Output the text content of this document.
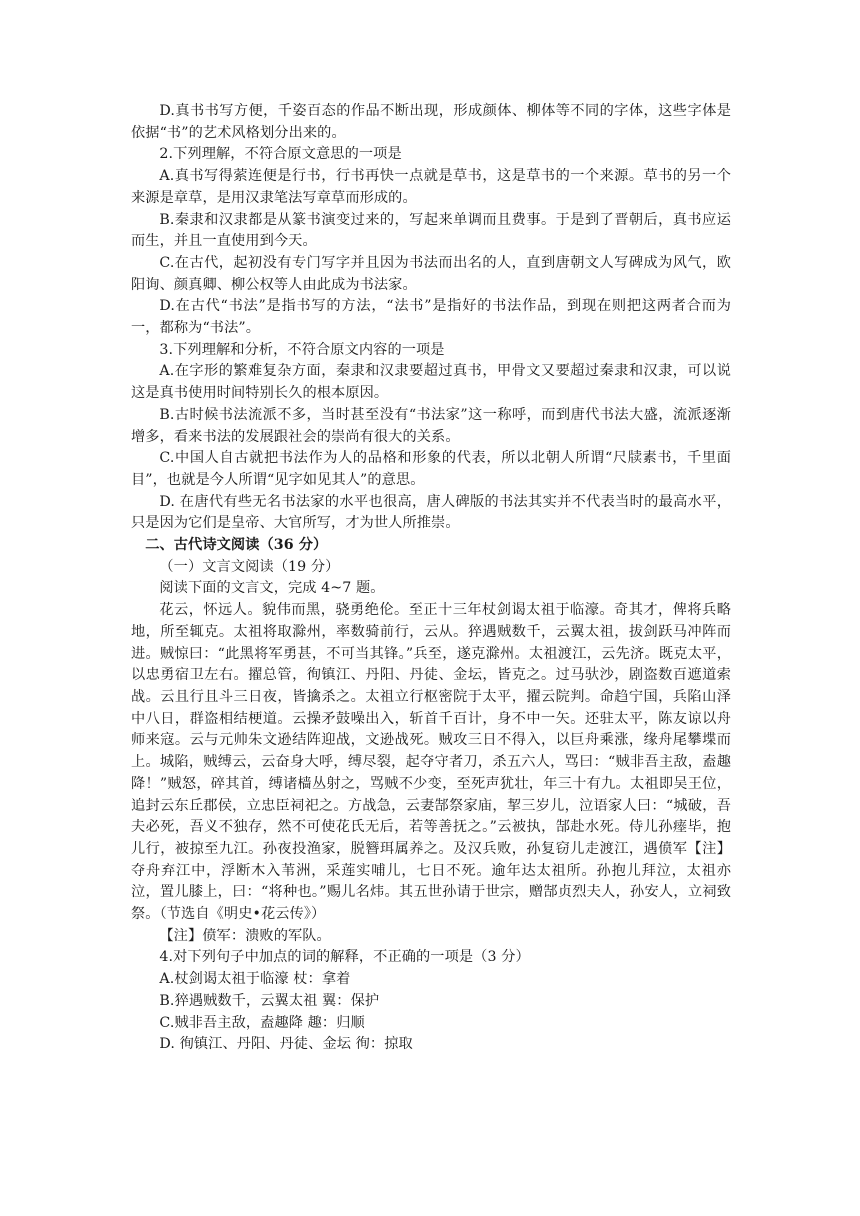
D.真书书写方便，千姿百态的作品不断出现，形成颜体、柳体等不同的字体，这些字体是依据“书”的艺术风格划分出来的。

2.下列理解，不符合原文意思的一项是

A.真书写得萦连便是行书，行书再快一点就是草书，这是草书的一个来源。草书的另一个来源是章草，是用汉隶笔法写章草而形成的。

B.秦隶和汉隶都是从篆书演变过来的，写起来单调而且费事。于是到了晋朝后，真书应运而生，并且一直使用到今天。

C.在古代，起初没有专门写字并且因为书法而出名的人，直到唐朝文人写碑成为风气，欧阳询、颜真卿、柳公权等人由此成为书法家。

D.在古代“书法”是指书写的方法，“法书”是指好的书法作品，到现在则把这两者合而为一，都称为“书法”。

3.下列理解和分析，不符合原文内容的一项是

A.在字形的繁难复杂方面，秦隶和汉隶要超过真书，甲骨文又要超过秦隶和汉隶，可以说这是真书使用时间特别长久的根本原因。

B.古时候书法流派不多，当时甚至没有“书法家”这一称呼，而到唐代书法大盛，流派逐渐增多，看来书法的发展跟社会的崇尚有很大的关系。

C.中国人自古就把书法作为人的品格和形象的代表，所以北朝人所谓“尺牍素书，千里面目”，也就是今人所谓“见字如见其人”的意思。

D. 在唐代有些无名书法家的水平也很高，唐人碑版的书法其实并不代表当时的最高水平，只是因为它们是皇帝、大官所写，才为世人所推崇。

二、古代诗文阅读（36 分）

（一）文言文阅读（19 分）

阅读下面的文言文，完成 4~7 题。

花云，怀远人。貌伟而黑，骁勇绝伦。至正十三年杖剑谒太祖于临濠。奇其才，俾将兵略地，所至辄克。太祖将取滁州，率数骑前行，云从。猝遇贼数千，云翼太祖，拔剑跃马冲阵而进。贼惊曰：“此黑将军勇甚，不可当其锋。”兵至，遂克滁州。太祖渡江，云先济。既克太平，以忠勇宿卫左右。擢总管，徇镇江、丹阳、丹徒、金坛，皆克之。过马驮沙，剧盗数百遮道索战。云且行且斗三日夜，皆擒杀之。太祖立行枢密院于太平，擢云院判。命趋宁国，兵陷山泽中八日，群盗相结梗道。云操矛鼓噪出入，斩首千百计，身不中一矢。还驻太平，陈友谅以舟师来寇。云与元帅朱文逊结阵迎战，文逊战死。贼攻三日不得入，以巨舟乘涨，缘舟尾攀堞而上。城陷，贼缚云，云奋身大呼，缚尽裂，起夺守者刀，杀五六人，骂曰：“贼非吾主敌，盍趣降！”贼怒，碎其首，缚诸樯丛射之，骂贼不少变，至死声犹壮，年三十有九。太祖即吴王位，追封云东丘郡侯，立忠臣祠祀之。方战急，云妻郜祭家庙，挈三岁儿，泣语家人曰：“城破，吾夫必死，吾义不独存，然不可使花氏无后，若等善抚之。”云被执，郜赴水死。侍儿孙瘗毕，抱儿行，被掠至九江。孙夜投渔家，脱簪珥属养之。及汉兵败，孙复窃儿走渡江，遇偾军【注】夺舟弃江中，浮断木入苇洲，采莲实哺儿，七日不死。逾年达太祖所。孙抱儿拜泣，太祖亦泣，置儿膝上，曰：“将种也。”赐儿名炜。其五世孙请于世宗，赠郜贞烈夫人，孙安人，立祠致祭。（节选自《明史•花云传》）

【注】偾军：溃败的军队。

4.对下列句子中加点的词的解释，不正确的一项是（3 分）

A.杖剑谒太祖于临濠 杖：拿着

B.猝遇贼数千，云翼太祖 翼：保护

C.贼非吾主敌，盍趣降 趣：归顺

D. 徇镇江、丹阳、丹徒、金坛 徇：掠取
